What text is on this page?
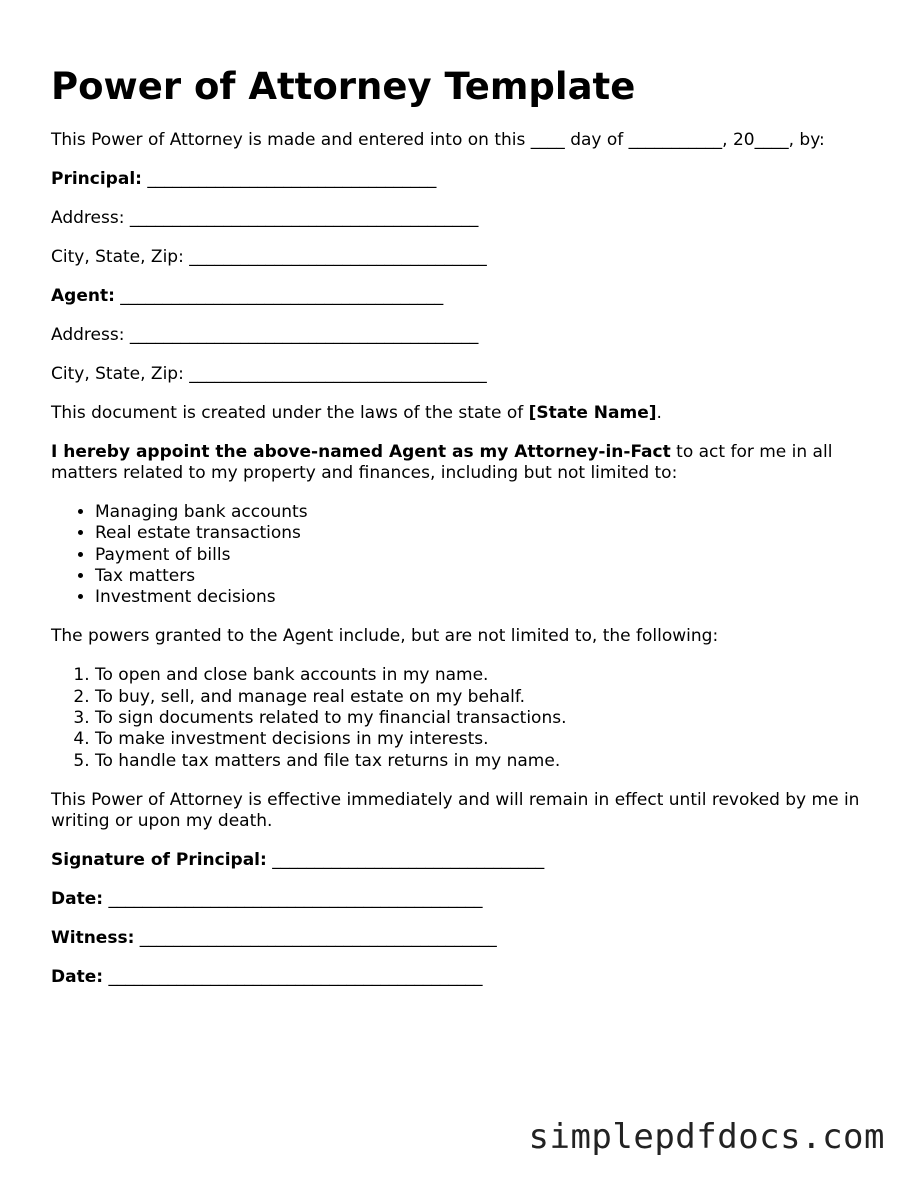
Power of Attorney Template

This Power of Attorney is made and entered into on this ____ day of ___________, 20____, by:

Principal: __________________________________

Address: _________________________________________

City, State, Zip: ___________________________________

Agent: ______________________________________

Address: _________________________________________

City, State, Zip: ___________________________________

This document is created under the laws of the state of [State Name].

I hereby appoint the above-named Agent as my Attorney-in-Fact to act for me in all matters related to my property and finances, including but not limited to:

• Managing bank accounts
• Real estate transactions
• Payment of bills
• Tax matters
• Investment decisions

The powers granted to the Agent include, but are not limited to, the following:

1. To open and close bank accounts in my name.
2. To buy, sell, and manage real estate on my behalf.
3. To sign documents related to my financial transactions.
4. To make investment decisions in my interests.
5. To handle tax matters and file tax returns in my name.

This Power of Attorney is effective immediately and will remain in effect until revoked by me in writing or upon my death.

Signature of Principal: ________________________________

Date: ____________________________________________

Witness: __________________________________________

Date: ____________________________________________

simplepdfdocs.com
